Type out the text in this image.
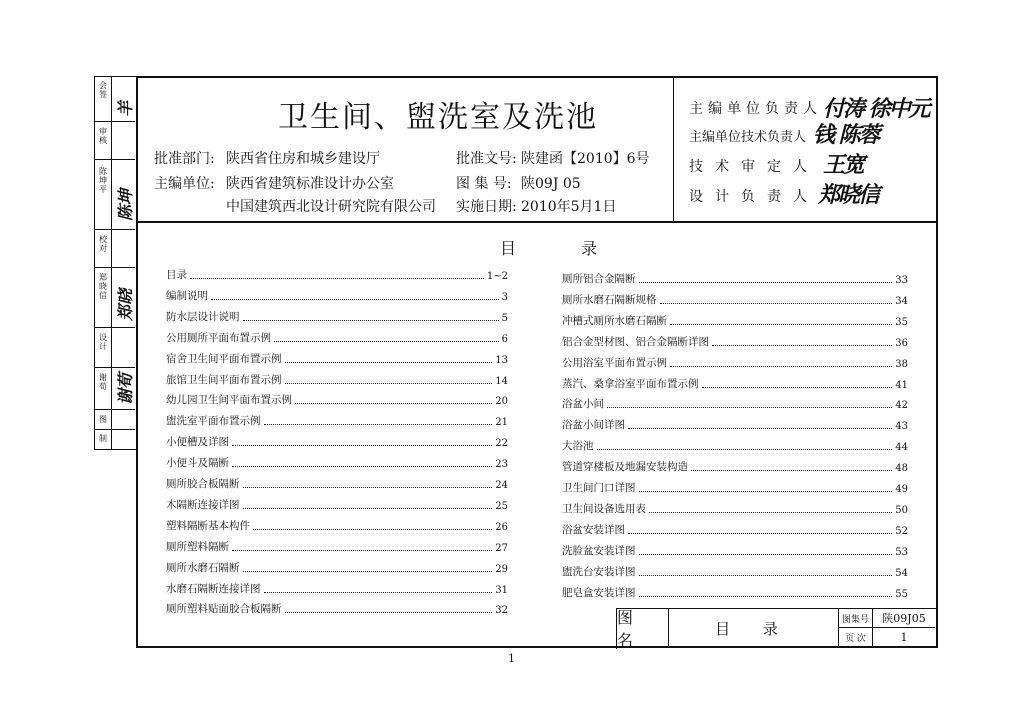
会 签
羊
审 核
陈坤平 陈坤
校 对
郑晓信 郑晓
设 计
谢 荀 谢荀
图
制
卫生间、盥洗室及洗池
批准部门: 陕西省住房和城乡建设厅
主编单位: 陕西省建筑标准设计办公室
中国建筑西北设计研究院有限公司
批准文号: 陕建函【2010】6号
图 集 号: 陕09J 05
实施日期: 2010年5月1日
主编单位负责人 付涛 徐中元
主编单位技术负责人 钱 陈蓉
技术审定人 王宽
设计负责人 郑晓信
目 录
目录	1~2
编制说明	3
防水层设计说明	5
公用厕所平面布置示例	6
宿舍卫生间平面布置示例	13
旅馆卫生间平面布置示例	14
幼儿园卫生间平面布置示例	20
盥洗室平面布置示例	21
小便槽及详图	22
小便斗及隔断	23
厕所胶合板隔断	24
木隔断连接详图	25
塑料隔断基本构件	26
厕所塑料隔断	27
厕所水磨石隔断	29
水磨石隔断连接详图	31
厕所塑料贴面胶合板隔断	32
厕所铝合金隔断	33
厕所水磨石隔断规格	34
冲槽式厕所水磨石隔断	35
铝合金型材图、铝合金隔断详图	36
公用浴室平面布置示例	38
蒸汽、桑拿浴室平面布置示例	41
浴盆小间	42
浴盆小间详图	43
大浴池	44
管道穿楼板及地漏安装构造	48
卫生间门口详图	49
卫生间设备选用表	50
浴盆安装详图	52
洗脸盆安装详图	53
盥洗台安装详图	54
肥皂盒安装详图	55
图 名
目 录	图集号	陕09J05
页 次	1
1
